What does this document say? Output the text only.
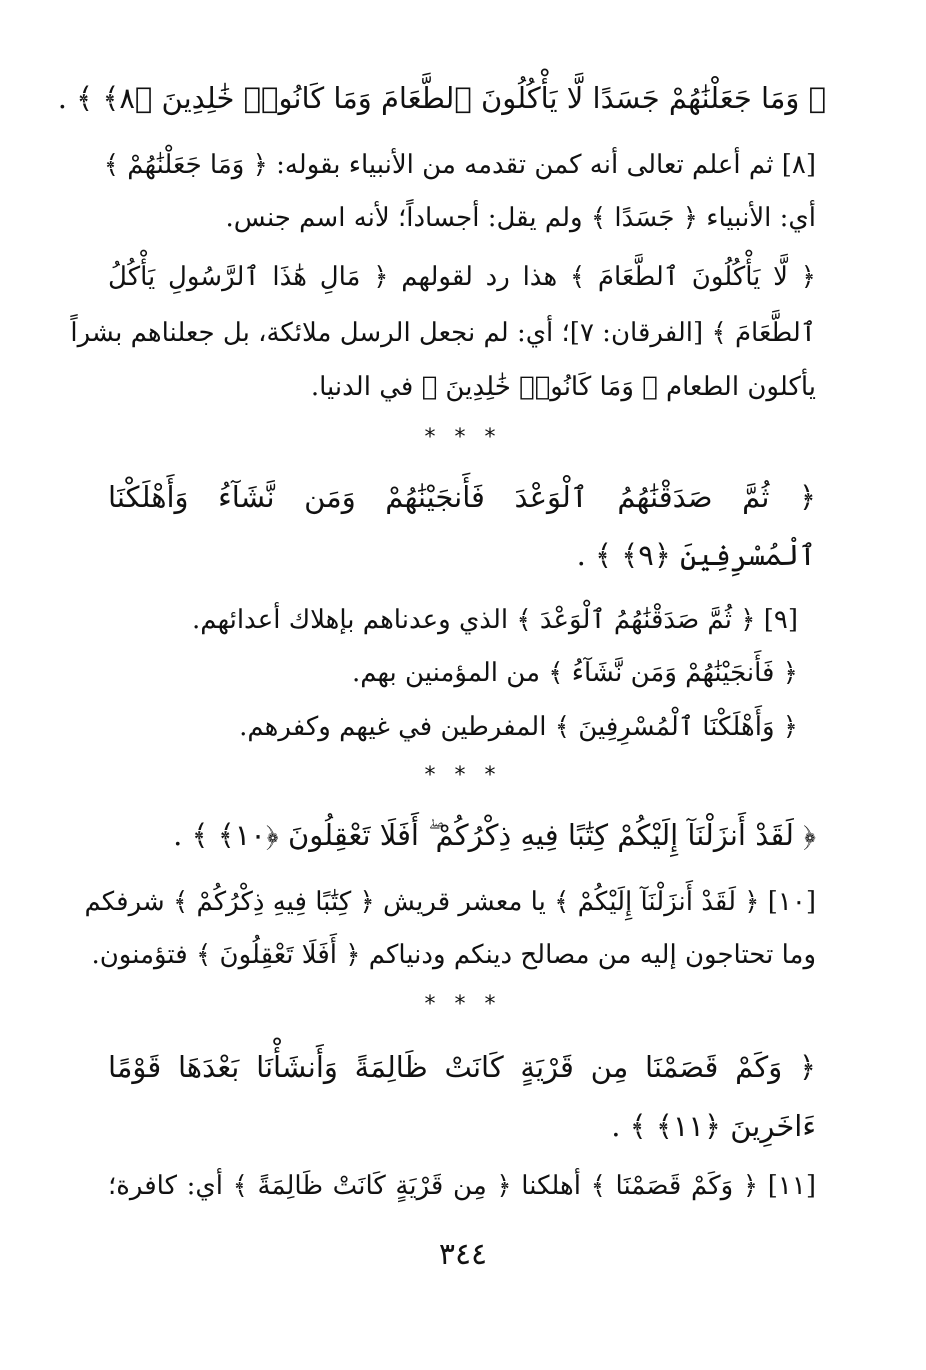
﴿ وَمَا جَعَلْنَٰهُمْ جَسَدًا لَّا يَأْكُلُونَ ٱلطَّعَامَ وَمَا كَانُوا۟ خَٰلِدِينَ ﴿٨﴾ ﴾ .
[٨] ثم أعلم تعالى أنه كمن تقدمه من الأنبياء بقوله: ﴿ وَمَا جَعَلْنَٰهُمْ ﴾
أي: الأنبياء ﴿ جَسَدًا ﴾ ولم يقل: أجساداً؛ لأنه اسم جنس.
﴿ لَّا يَأْكُلُونَ ٱلطَّعَامَ ﴾ هذا رد لقولهم ﴿ مَالِ هَٰذَا ٱلرَّسُولِ يَأْكُلُ
ٱلطَّعَامَ ﴾ [الفرقان: ٧]؛ أي: لم نجعل الرسل ملائكة، بل جعلناهم بشراً
يأكلون الطعام ﴿ وَمَا كَانُوا۟ خَٰلِدِينَ ﴾ في الدنيا.
* * *
﴿ ثُمَّ صَدَقْنَٰهُمُ ٱلْوَعْدَ فَأَنجَيْنَٰهُمْ وَمَن نَّشَآءُ وَأَهْلَكْنَا
ٱلْمُسْرِفِينَ ﴿٩﴾ ﴾ .
[٩] ﴿ ثُمَّ صَدَقْنَٰهُمُ ٱلْوَعْدَ ﴾ الذي وعدناهم بإهلاك أعدائهم.
﴿ فَأَنجَيْنَٰهُمْ وَمَن نَّشَآءُ ﴾ من المؤمنين بهم.
﴿ وَأَهْلَكْنَا ٱلْمُسْرِفِينَ ﴾ المفرطين في غيهم وكفرهم.
* * *
﴿ لَقَدْ أَنزَلْنَآ إِلَيْكُمْ كِتَٰبًا فِيهِ ذِكْرُكُمْ ۖ أَفَلَا تَعْقِلُونَ ﴿١٠﴾ ﴾ .
[١٠] ﴿ لَقَدْ أَنزَلْنَآ إِلَيْكُمْ ﴾ يا معشر قريش ﴿ كِتَٰبًا فِيهِ ذِكْرُكُمْ ﴾ شرفكم
وما تحتاجون إليه من مصالح دينكم ودنياكم ﴿ أَفَلَا تَعْقِلُونَ ﴾ فتؤمنون.
* * *
﴿ وَكَمْ قَصَمْنَا مِن قَرْيَةٍ كَانَتْ ظَالِمَةً وَأَنشَأْنَا بَعْدَهَا قَوْمًا
ءَاخَرِينَ ﴿١١﴾ ﴾ .
[١١] ﴿ وَكَمْ قَصَمْنَا ﴾ أهلكنا ﴿ مِن قَرْيَةٍ كَانَتْ ظَالِمَةً ﴾ أي: كافرة؛
٣٤٤
